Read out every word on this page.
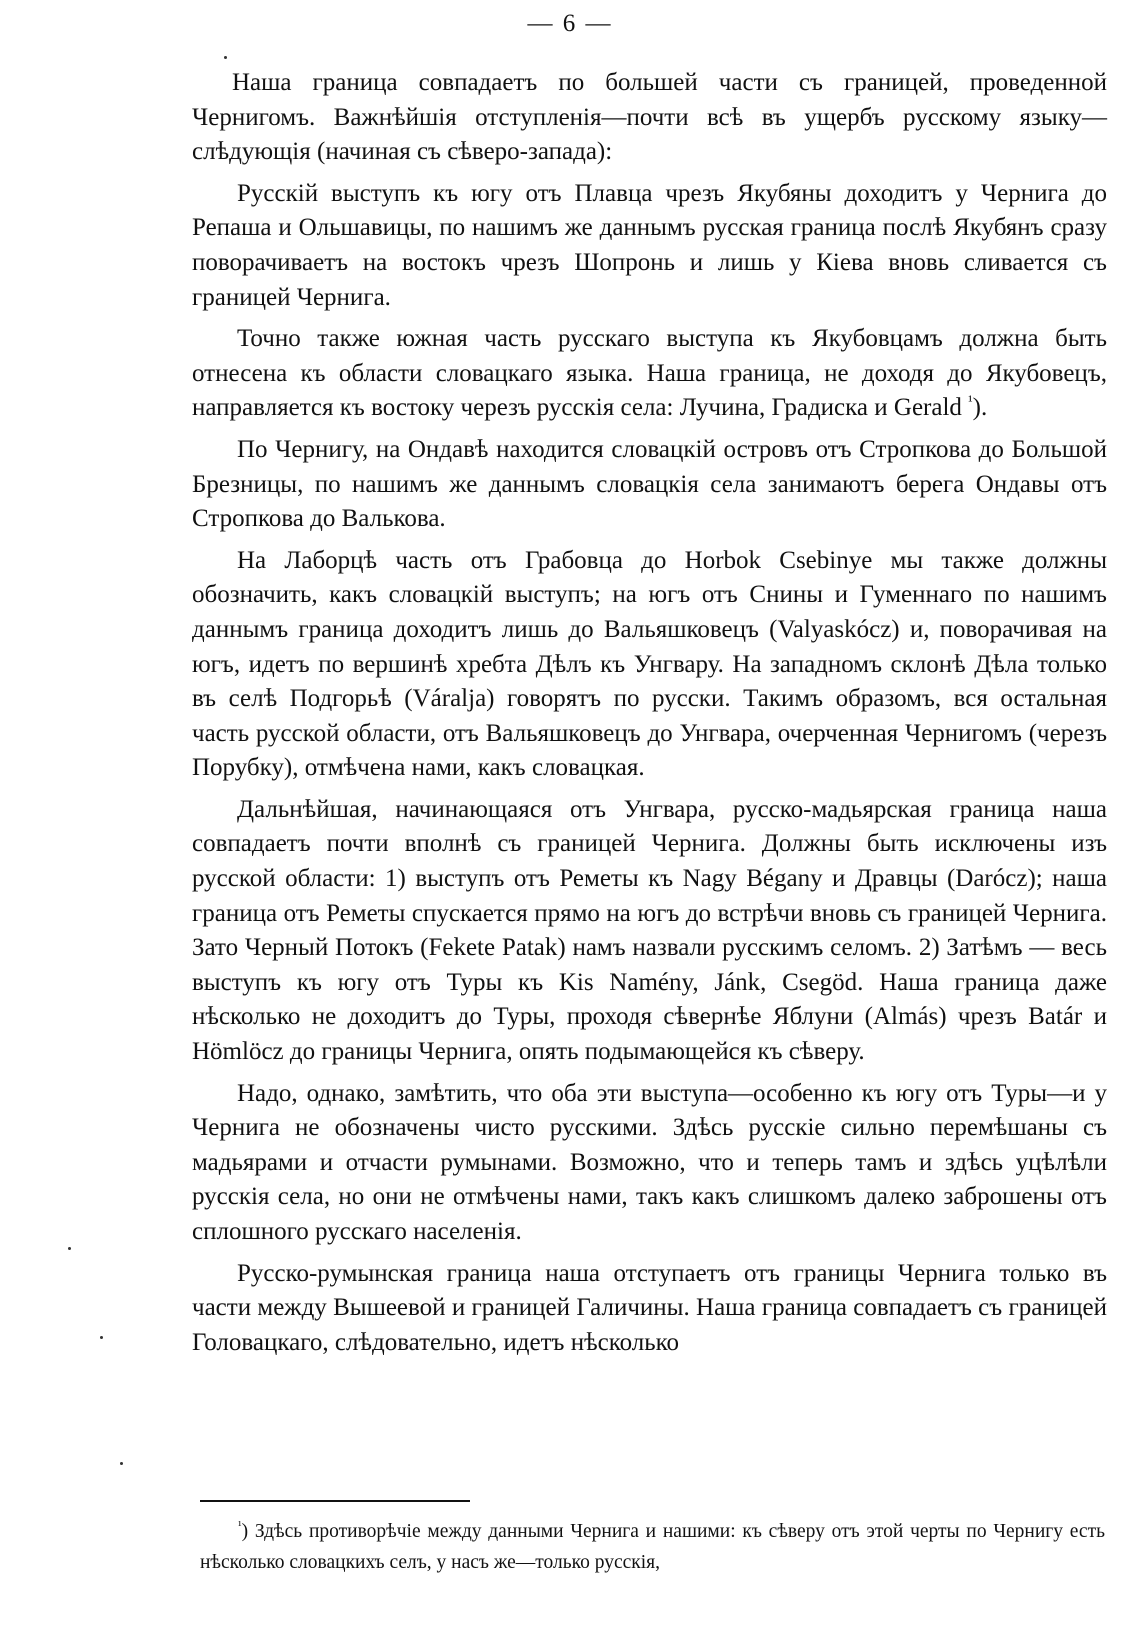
— 6 —

Наша граница совпадаетъ по большей части съ границей, проведенной Чернигомъ. Важнѣйшія отступленія—почти всѣ въ ущербъ русскому языку—слѣдующія (начиная съ сѣверо-запада):

Русскій выступъ къ югу отъ Плавца чрезъ Якубяны доходитъ у Чернига до Репаша и Ольшавицы, по нашимъ же даннымъ русская граница послѣ Якубянъ сразу поворачиваетъ на востокъ чрезъ Шопронь и лишь у Кіева вновь сливается съ границей Чернига.

Точно также южная часть русскаго выступа къ Якубовцамъ должна быть отнесена къ области словацкаго языка. Наша граница, не доходя до Якубовецъ, направляется къ востоку черезъ русскія села: Лучина, Градиска и Gerald $^{^1}$).

По Чернигу, на Ондавѣ находится словацкій островъ отъ Стропкова до Большой Брезницы, по нашимъ же даннымъ словацкія села занимаютъ берега Ондавы отъ Стропкова до Валькова.

На Лаборцѣ часть отъ Грабовца до Horbok Csebinye мы также должны обозначить, какъ словацкій выступъ; на югъ отъ Снины и Гуменнаго по нашимъ даннымъ граница доходитъ лишь до Вальяшковецъ (Valyaskócz) и, поворачивая на югъ, идетъ по вершинѣ хребта Дѣлъ къ Унгвару. На западномъ склонѣ Дѣла только въ селѣ Подгорьѣ (Váralja) говорятъ по русски. Такимъ образомъ, вся остальная часть русской области, отъ Вальяшковецъ до Унгвара, очерченная Чернигомъ (черезъ Порубку), отмѣчена нами, какъ словацкая.

Дальнѣйшая, начинающаяся отъ Унгвара, русско-мадьярская граница наша совпадаетъ почти вполнѣ съ границей Чернига. Должны быть исключены изъ русской области: 1) выступъ отъ Реметы къ Nagy Bégany и Дравцы (Darócz); наша граница отъ Реметы спускается прямо на югъ до встрѣчи вновь съ границей Чернига. Зато Черный Потокъ (Fekete Patak) намъ назвали русскимъ селомъ. 2) Затѣмъ — весь выступъ къ югу отъ Туры къ Kis Namény, Jánk, Csegöd. Наша граница даже нѣсколько не доходитъ до Туры, проходя сѣвернѣе Яблуни (Almás) чрезъ Batár и Hömlöcz до границы Чернига, опять подымающейся къ сѣверу.

Надо, однако, замѣтить, что оба эти выступа—особенно къ югу отъ Туры—и у Чернига не обозначены чисто русскими. Здѣсь русскіе сильно перемѣшаны съ мадьярами и отчасти румынами. Возможно, что и теперь тамъ и здѣсь уцѣлѣли русскія села, но они не отмѣчены нами, такъ какъ слишкомъ далеко заброшены отъ сплошного русскаго населенія.

Русско-румынская граница наша отступаетъ отъ границы Чернига только въ части между Вышеевой и границей Галичины. Наша граница совпадаетъ съ границей Головацкаго, слѣдовательно, идетъ нѣсколько

$^{^1}$) Здѣсь противорѣчіе между данными Чернига и нашими: къ сѣверу отъ этой черты по Чернигу есть нѣсколько словацкихъ селъ, у насъ же—только русскія,
